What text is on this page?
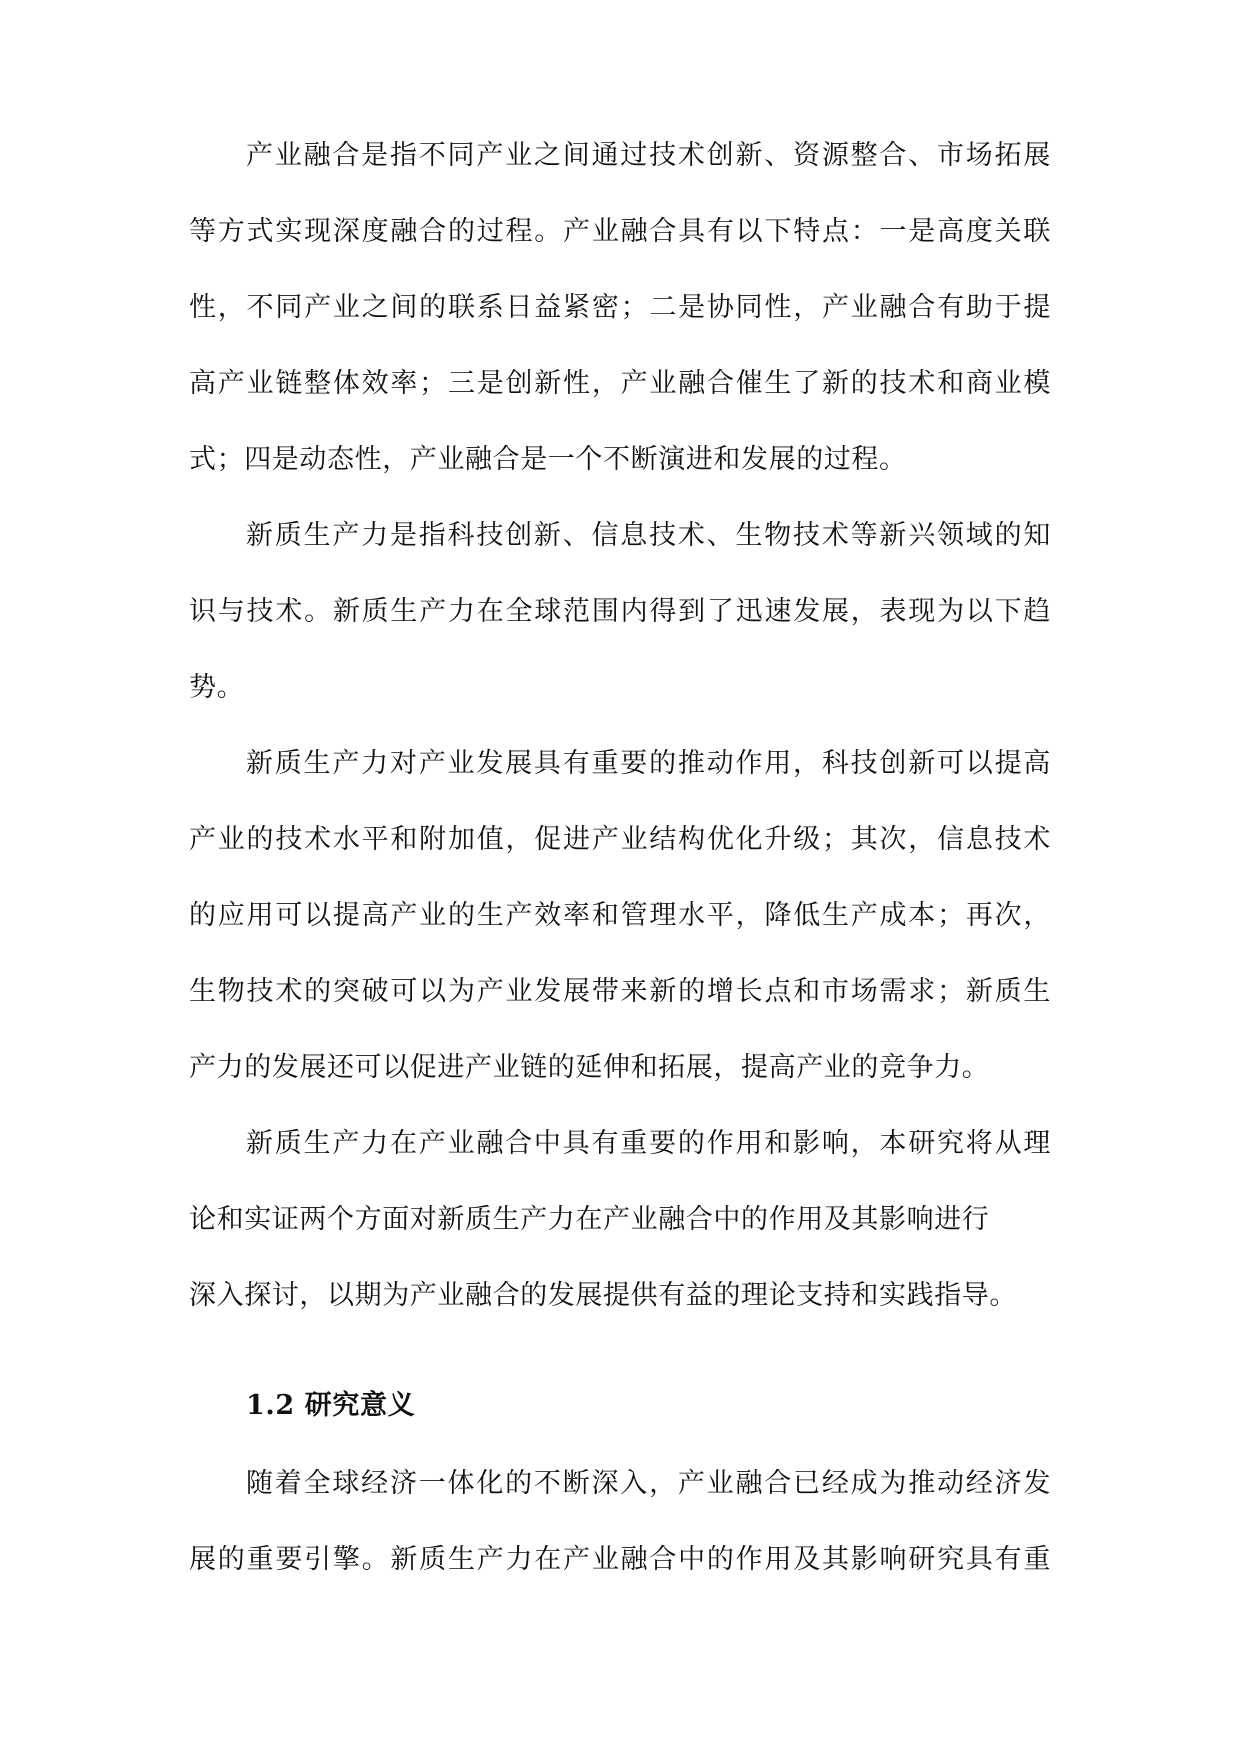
产业融合是指不同产业之间通过技术创新、资源整合、市场拓展
等方式实现深度融合的过程。产业融合具有以下特点：一是高度关联
性，不同产业之间的联系日益紧密；二是协同性，产业融合有助于提
高产业链整体效率；三是创新性，产业融合催生了新的技术和商业模
式；四是动态性，产业融合是一个不断演进和发展的过程。
新质生产力是指科技创新、信息技术、生物技术等新兴领域的知
识与技术。新质生产力在全球范围内得到了迅速发展，表现为以下趋
势。
新质生产力对产业发展具有重要的推动作用，科技创新可以提高
产业的技术水平和附加值，促进产业结构优化升级；其次，信息技术
的应用可以提高产业的生产效率和管理水平，降低生产成本；再次，
生物技术的突破可以为产业发展带来新的增长点和市场需求；新质生
产力的发展还可以促进产业链的延伸和拓展，提高产业的竞争力。
新质生产力在产业融合中具有重要的作用和影响，本研究将从理
论和实证两个方面对新质生产力在产业融合中的作用及其影响进行
深入探讨，以期为产业融合的发展提供有益的理论支持和实践指导。
1.2 研究意义
随着全球经济一体化的不断深入，产业融合已经成为推动经济发
展的重要引擎。新质生产力在产业融合中的作用及其影响研究具有重
